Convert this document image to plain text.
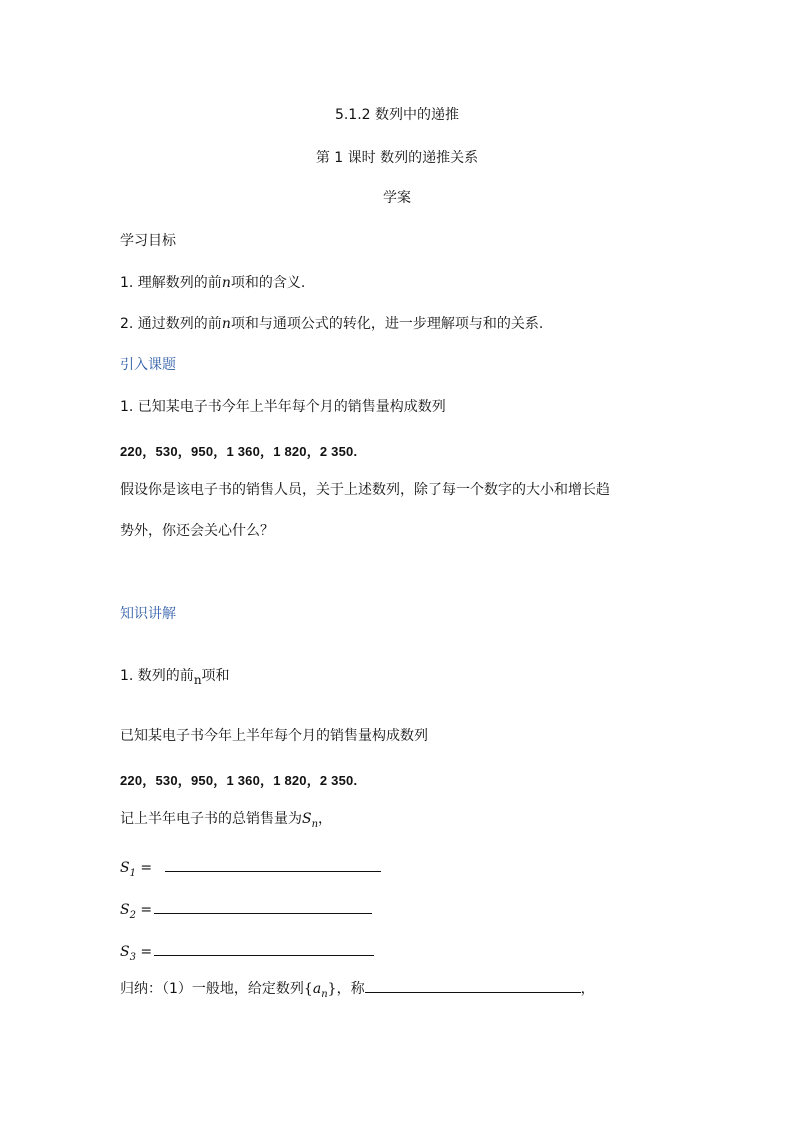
5.1.2 数列中的递推
第 1 课时 数列的递推关系
学案
学习目标
1. 理解数列的前n项和的含义.
2. 通过数列的前n项和与通项公式的转化，进一步理解项与和的关系.
引入课题
1. 已知某电子书今年上半年每个月的销售量构成数列
220，530，950，1 360，1 820，2 350.
假设你是该电子书的销售人员，关于上述数列，除了每一个数字的大小和增长趋
势外，你还会关心什么？
知识讲解
1. 数列的前n项和
已知某电子书今年上半年每个月的销售量构成数列
220，530，950，1 360，1 820，2 350.
记上半年电子书的总销售量为$S_n$，
$S_1$ =
$S_2$ =
$S_3$ =
归纳：（1）一般地，给定数列$\{a_n\}$，称	，
